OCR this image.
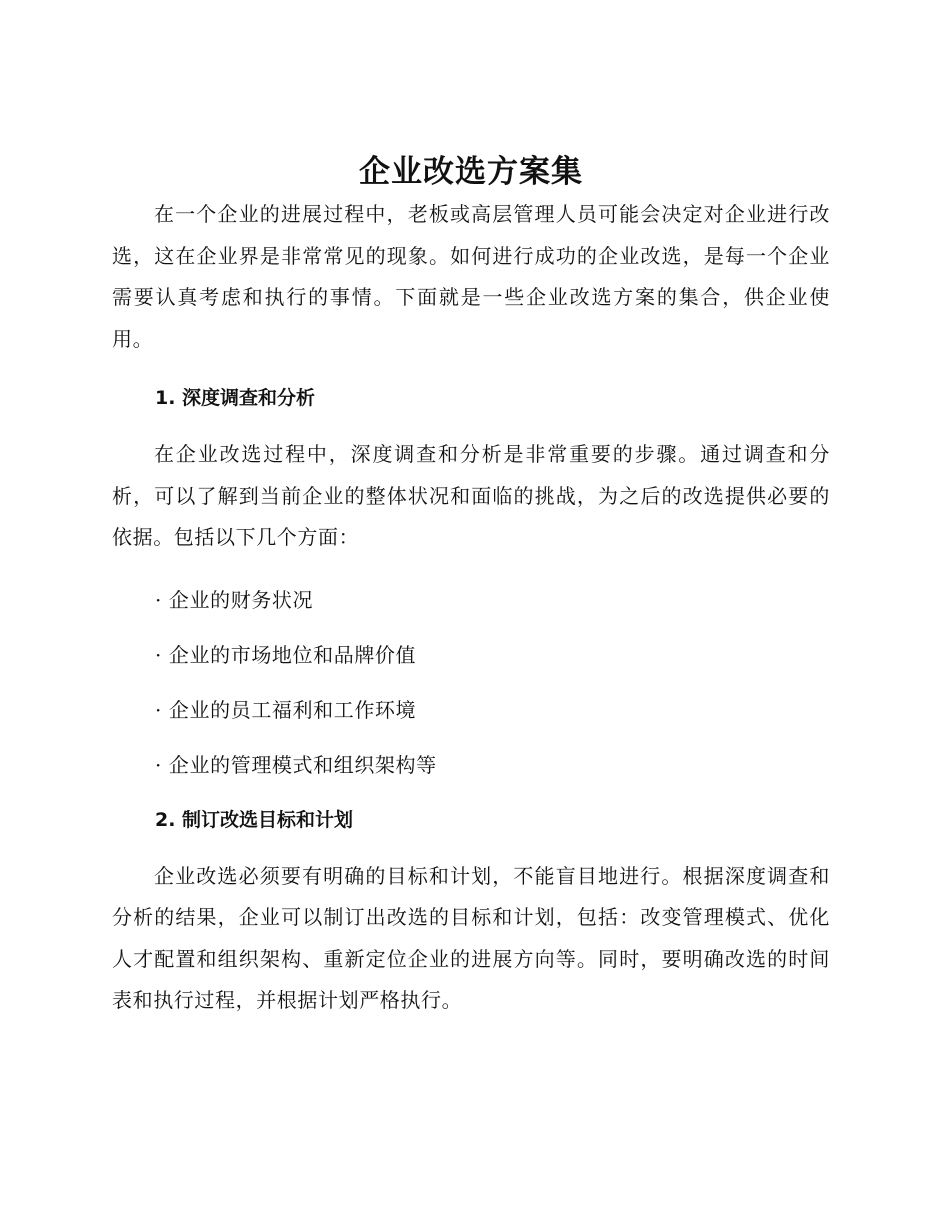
企业改选方案集

在一个企业的进展过程中，老板或高层管理人员可能会决定对企业进行改选，这在企业界是非常常见的现象。如何进行成功的企业改选，是每一个企业需要认真考虑和执行的事情。下面就是一些企业改选方案的集合，供企业使用。

1. 深度调查和分析

在企业改选过程中，深度调查和分析是非常重要的步骤。通过调查和分析，可以了解到当前企业的整体状况和面临的挑战，为之后的改选提供必要的依据。包括以下几个方面：

· 企业的财务状况

· 企业的市场地位和品牌价值

· 企业的员工福利和工作环境

· 企业的管理模式和组织架构等

2. 制订改选目标和计划

企业改选必须要有明确的目标和计划，不能盲目地进行。根据深度调查和分析的结果，企业可以制订出改选的目标和计划，包括：改变管理模式、优化人才配置和组织架构、重新定位企业的进展方向等。同时，要明确改选的时间表和执行过程，并根据计划严格执行。
